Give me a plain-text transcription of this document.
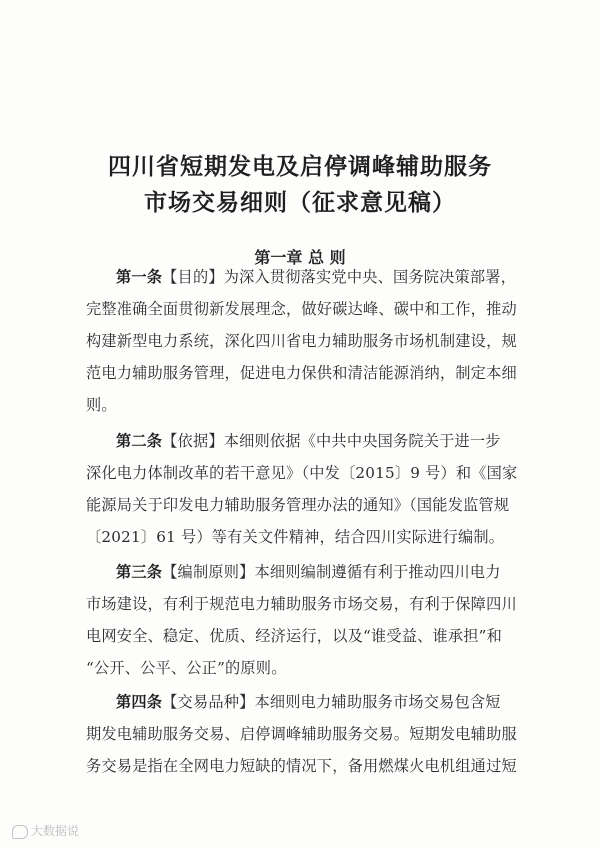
四川省短期发电及启停调峰辅助服务
市场交易细则（征求意见稿）
第一章 总 则
第一条【目的】为深入贯彻落实党中央、国务院决策部署，
完整准确全面贯彻新发展理念，做好碳达峰、碳中和工作，推动
构建新型电力系统，深化四川省电力辅助服务市场机制建设，规
范电力辅助服务管理，促进电力保供和清洁能源消纳，制定本细
则。
第二条【依据】本细则依据《中共中央国务院关于进一步
深化电力体制改革的若干意见》（中发〔2015〕9 号）和《国家
能源局关于印发电力辅助服务管理办法的通知》（国能发监管规
〔2021〕61 号）等有关文件精神，结合四川实际进行编制。
第三条【编制原则】本细则编制遵循有利于推动四川电力
市场建设，有利于规范电力辅助服务市场交易，有利于保障四川
电网安全、稳定、优质、经济运行，以及“谁受益、谁承担”和
“公开、公平、公正”的原则。
第四条【交易品种】本细则电力辅助服务市场交易包含短
期发电辅助服务交易、启停调峰辅助服务交易。短期发电辅助服
务交易是指在全网电力短缺的情况下，备用燃煤火电机组通过短
大数据说
